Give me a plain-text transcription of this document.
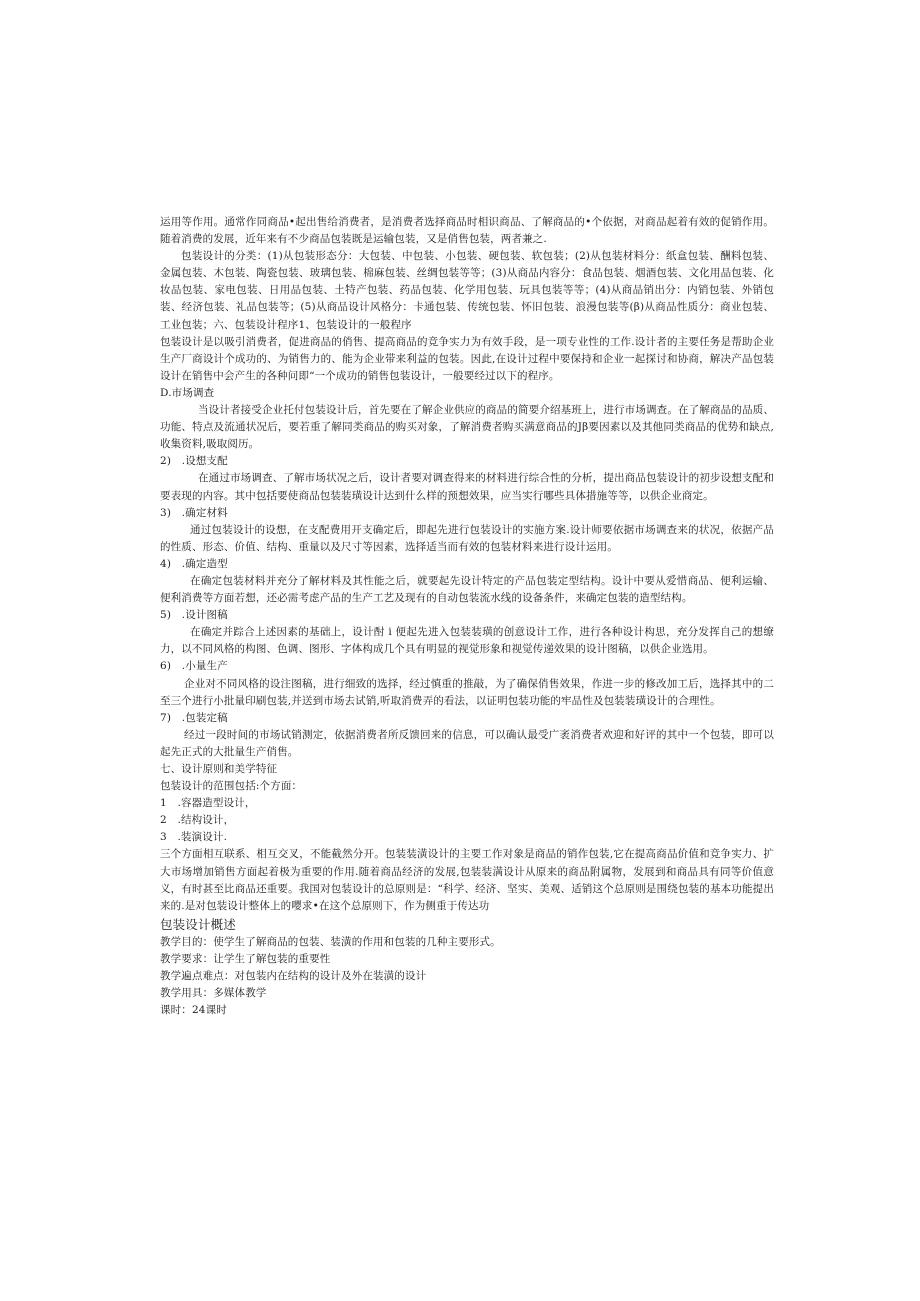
运用等作用。通常作同商品•起出售给消费者，是消费者选择商品时相识商品、了解商品的•个依据，对商品起着有效的促销作用。随着消费的发展，近年来有不少商品包装既是运输包装，又是俏售包装，两者兼之.

包装设计的分类：(1)从包装形态分：大包装、中包装、小包装、硬包装、软包装；(2)从包装材料分：纸盒包装、酬料包装、金属包装、木包装、陶瓷包装、玻璃包装、棉麻包装、丝绸包装等等；(3)从商品内容分：食品包装、烟酒包装、文化用品包装、化妆品包装、家电包装、日用品包装、土特产包装、药品包装、化学用包装、玩具包装等等；(4)从商品销出分：内销包装、外销包装、经济包装、礼品包装等；(5)从商品设计风格分：卡通包装、传统包装、怀旧包装、浪漫包装等(β)从商品性质分：商业包装、工业包装；六、包装设计程序1、包装设计的一般程序

包装设计是以吸引消费者，促进商品的俏售、提高商品的竞争实力为有效手段，是一项专业性的工作.设计者的主要任务是帮助企业生产厂商设计个成功的、为销售力的、能为企业带来利益的包装。因此,在设计过程中要保持和企业一起探讨和协商，解决产品包装设计在销售中会产生的各种问即“一个成功的销售包装设计，一般要经过以下的程序。

D.市场调查

当设计者接受企业托付包装设计后，首先要在了解企业供应的商品的简要介绍基班上，进行市场调查。在了解商品的品质、功能、特点及流通状况后，要若重了解同类商品的购买对象，了解消费者购买满意商品的Jβ要因素以及其他同类商品的优势和缺点,收集资料,吸取阅历。

2)　.设想支配

在通过市场调查、了解市场状况之后，设计者要对调查得来的材料进行综合性的分析，提出商品包装设计的初步设想支配和要表现的内容。其中包括要使商品包装装璜设计达到什么样的预想效果，应当实行哪些具体措施等等，以供企业商定。

3)　.确定材料

通过包装设计的设想，在支配费用开支确定后，即起先进行包装设计的实施方案.设计师要依据市场调查来的状况，依据产品的性质、形态、价值、结构、重量以及尺寸等因素，选择适当而有效的包装材料来进行设计运用。

4)　.确定造型

在确定包装材料并充分了解材料及其性能之后，就要起先设计特定的产品包装定型结构。设计中要从爱惜商品、便利运输、便利消费等方面若想，还必需考虑产品的生产工艺及现有的自动包装流水线的设备条件，来确定包装的造型结构。

5)　.设计图稿

在确定并踪合上述因素的基础上，设计酎 i 便起先进入包装装璜的创意设计工作，进行各种设计构思，充分发挥自己的想缭力，以不同风格的构图、色调、图形、字体构成几个具有明显的视觉形象和视觉传递效果的设计图稿，以供企业选用。

6)　.小量生产

企业对不同风格的设注图稿，进行细致的选择，经过慎重的推敲，为了确保俏售效果，作进一步的修改加工后，选择其中的二至三个进行小批量印刷包装,并送到市场去试销,听取消费弄的看法，以证明包装功能的牢品性及包装装璜设计的合理性。

7)　.包装定稿

经过一段时间的市场试销测定，依据消费者所反馈回来的信息，可以确认最受广袤消费者欢迎和好评的其中一个包装，即可以起先正式的大批量生产俏售。

七、设计原则和美学特征

包装设计的范围包括:个方面：

1　.容器造型设计，

2　.结构设计，

3　.装演设计.

三个方面相互联系、相互交叉，不能截然分开。包装装潢设计的主要工作对象是商品的销作包装,它在提高商品价值和竞争实力、扩大市场增加销售方面起着极为重要的作用.随着商品经济的发展,包装装满设计从原来的商品附属物，发展到和商品具有同等价值意义，有时甚至比商品还重要。我国对包装设计的总原则是：“科学、经济、坚实、美观、适销这个总原则是围绕包装的基本功能提出来的.是对包装设计整体上的嘤求•在这个总原则下，作为侧重于传达功

包装设计概述

教学目的：使学生了解商品的包装、装潢的作用和包装的几种主要形式。

教学要求：让学生了解包装的重要性

教学遍点难点：对包装内在结构的设计及外在装潢的设计

教学用具：多媒体教学

课时：24课时
